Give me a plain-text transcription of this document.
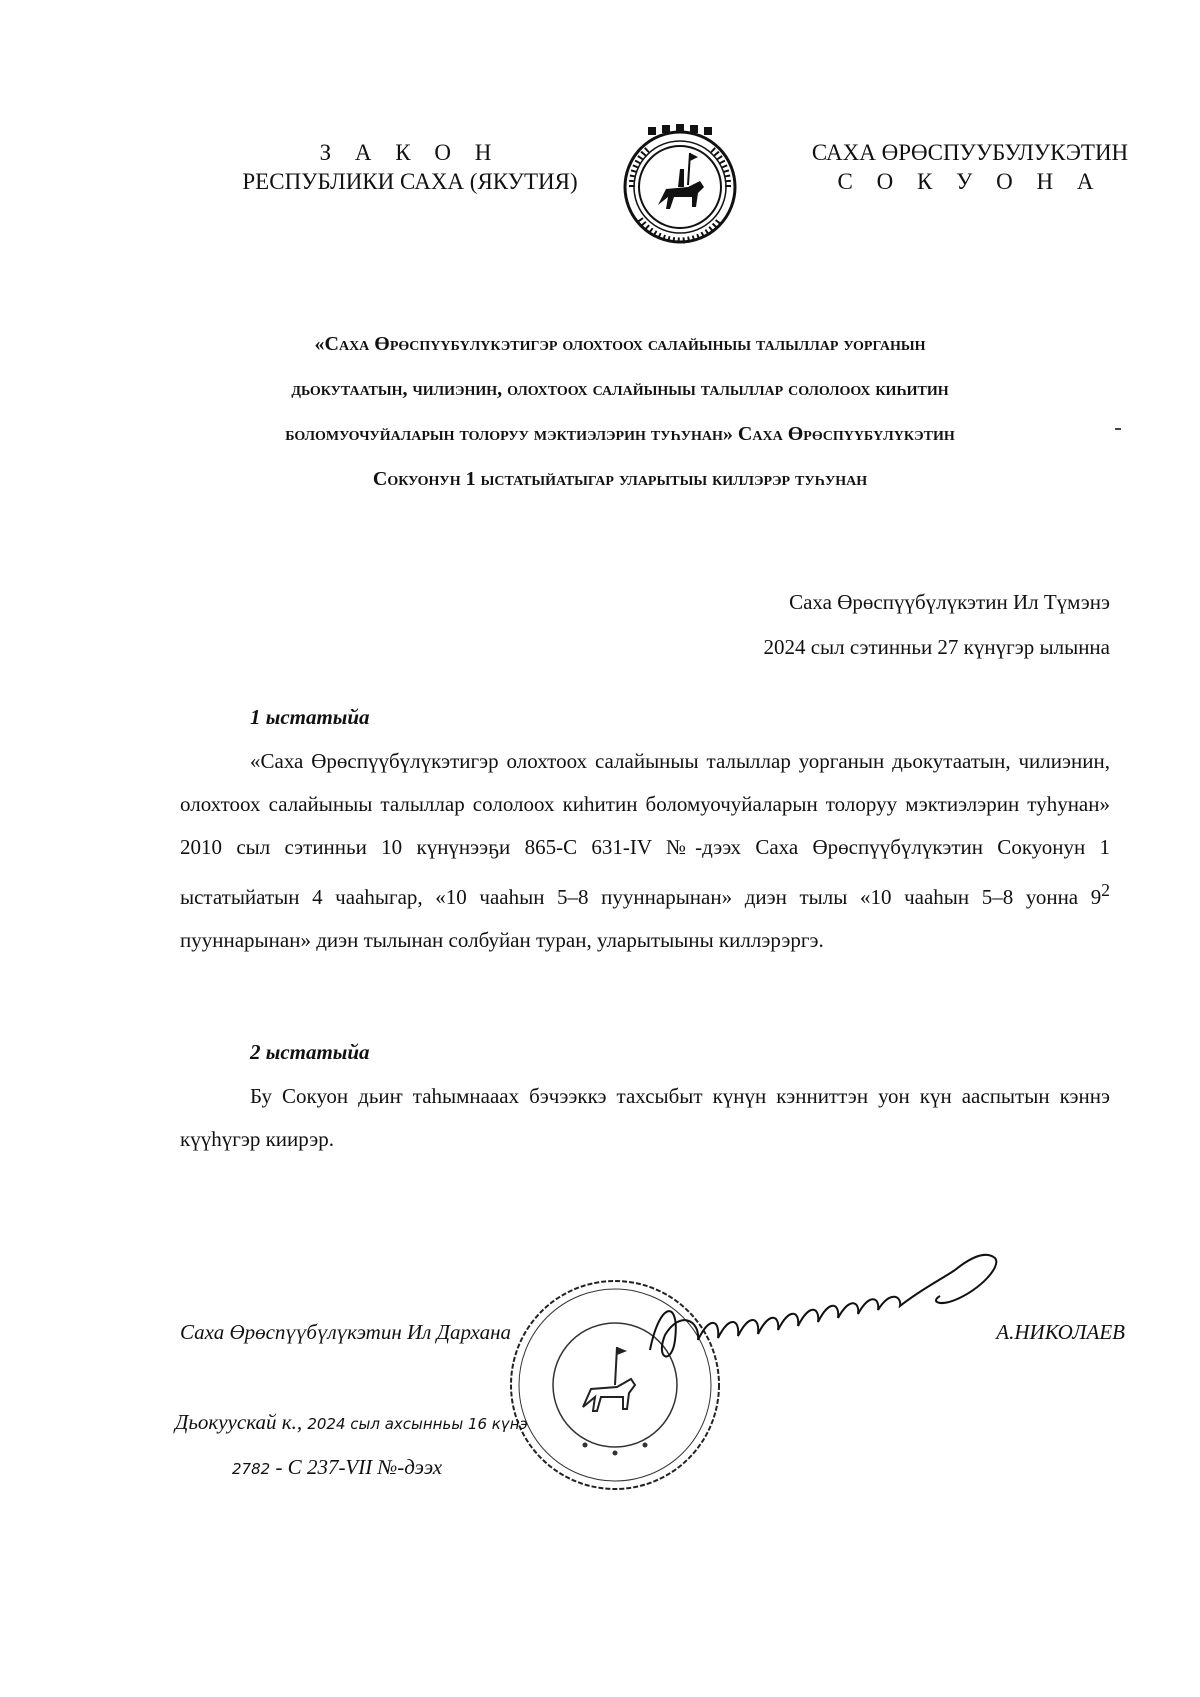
З А К О Н
РЕСПУБЛИКИ САХА (ЯКУТИЯ)
САХА ӨРӨСПУУБУЛУКЭТИН
С О К У О Н А
«Саха Өрөспүүбүлүкэтигэр олохтоох салайыныы талыллар уорганын
дьокутаатын, чилиэнин, олохтоох салайыныы талыллар сололоох киһитин
боломуочуйаларын толоруу мэктиэлэрин туһунан» Саха Өрөспүүбүлүкэтин
Сокуонун 1 ыстатыйатыгар уларытыы киллэрэр туһунан
Саха Өрөспүүбүлүкэтин Ил Түмэнэ
2024 сыл сэтинньи 27 күнүгэр ылынна
1 ыстатыйа

«Саха Өрөспүүбүлүкэтигэр олохтоох салайыныы талыллар уорганын дьокутаатын, чилиэнин, олохтоох салайыныы талыллар сололоох киһитин боломуочуйаларын толоруу мэктиэлэрин туһунан» 2010 сыл сэтинньи 10 күнүнээҕи 865-С 631-IV №-дээх Саха Өрөспүүбүлүкэтин Сокуонун 1 ыстатыйатын 4 чааһыгар, «10 чааһын 5–8 пууннарынан» диэн тылы «10 чааһын 5–8 уонна $9^2$ пууннарынан» диэн тылынан солбуйан туран, уларытыыны киллэрэргэ.

2 ыстатыйа

Бу Сокуон дьиҥ таһымнааах бэчээккэ тахсыбыт күнүн кэнниттэн уон күн ааспытын кэннэ күүһүгэр киирэр.

Саха Өрөспүүбүлүкэтин Ил Дархана	А.НИКОЛАЕВ
Дьокуускай к., 2024 сыл ахсынньы 16 күнэ
2782 - С 237-VII №-дээх
